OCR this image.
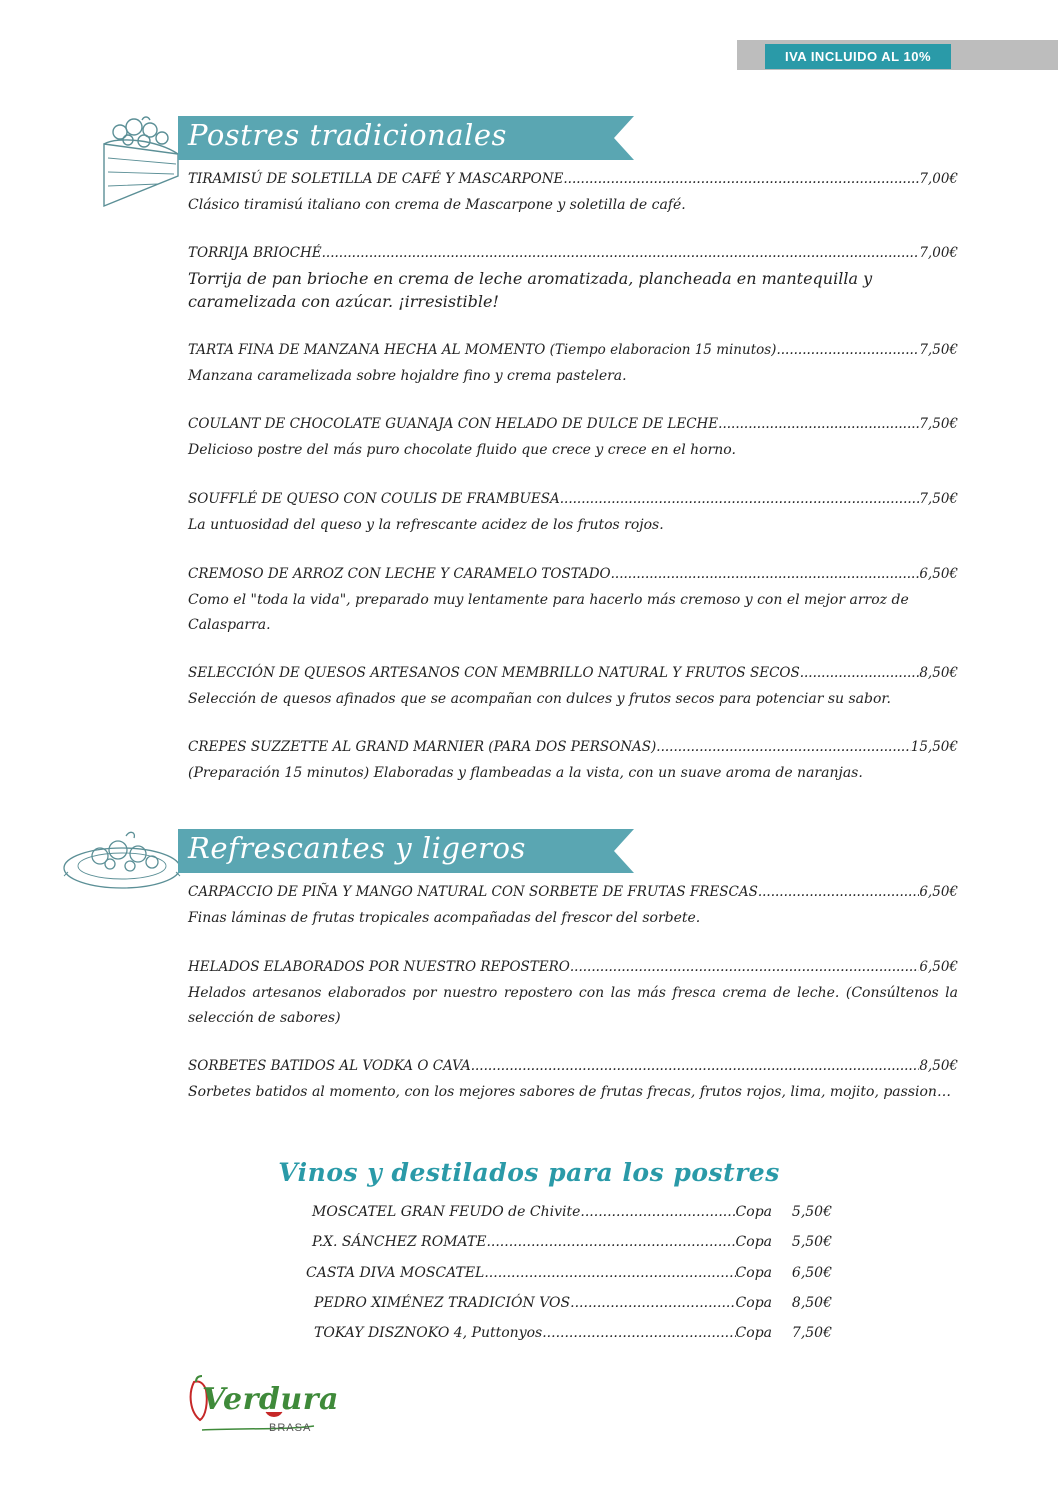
IVA INCLUIDO AL 10%
Postres tradicionales
TIRAMISÚ DE SOLETILLA DE CAFÉ Y MASCARPONE .....	7,00€
Clásico tiramisú italiano con crema de Mascarpone y soletilla de café.
TORRIJA BRIOCHÉ .....	7,00€
Torrija de pan brioche en crema de leche aromatizada, plancheada en mantequilla y caramelizada con azúcar. ¡irresistible!
TARTA FINA DE MANZANA HECHA AL MOMENTO (Tiempo elaboracion 15 minutos) .....	7,50€
Manzana caramelizada sobre hojaldre fino y crema pastelera.
COULANT DE CHOCOLATE GUANAJA CON HELADO DE DULCE DE LECHE .....	7,50€
Delicioso postre del más puro chocolate fluido que crece y crece en el horno.
SOUFFLÉ DE QUESO CON COULIS DE FRAMBUESA .....	7,50€
La untuosidad del queso y la refrescante acidez de los frutos rojos.
CREMOSO DE ARROZ CON LECHE Y CARAMELO TOSTADO .....	6,50€
Como el "toda la vida", preparado muy lentamente para hacerlo más cremoso y con el mejor arroz de Calasparra.
SELECCIÓN DE QUESOS ARTESANOS CON MEMBRILLO NATURAL Y FRUTOS SECOS .....	8,50€
Selección de quesos afinados que se acompañan con dulces y frutos secos para potenciar su sabor.
CREPES SUZZETTE AL GRAND MARNIER (PARA DOS PERSONAS) .....	15,50€
(Preparación 15 minutos) Elaboradas y flambeadas a la vista, con un suave aroma de naranjas.
Refrescantes y ligeros
CARPACCIO DE PIÑA Y MANGO NATURAL CON SORBETE DE FRUTAS FRESCAS .....	6,50€
Finas láminas de frutas tropicales acompañadas del frescor del sorbete.
HELADOS ELABORADOS POR NUESTRO REPOSTERO .....	6,50€
Helados artesanos elaborados por nuestro repostero con las más fresca crema de leche. (Consúltenos la selección de sabores)
SORBETES BATIDOS AL VODKA O CAVA .....	8,50€
Sorbetes batidos al momento, con los mejores sabores de frutas frecas, frutos rojos, lima, mojito, passion…
Vinos y destilados para los postres
MOSCATEL GRAN FEUDO de Chivite .....	Copa	5,50€
P.X. SÁNCHEZ ROMATE .....	Copa	5,50€
CASTA DIVA MOSCATEL .....	Copa	6,50€
PEDRO XIMÉNEZ TRADICIÓN VOS .....	Copa	8,50€
TOKAY DISZNOKO 4, Puttonyos .....	Copa	7,50€
Verdura
BRASA
